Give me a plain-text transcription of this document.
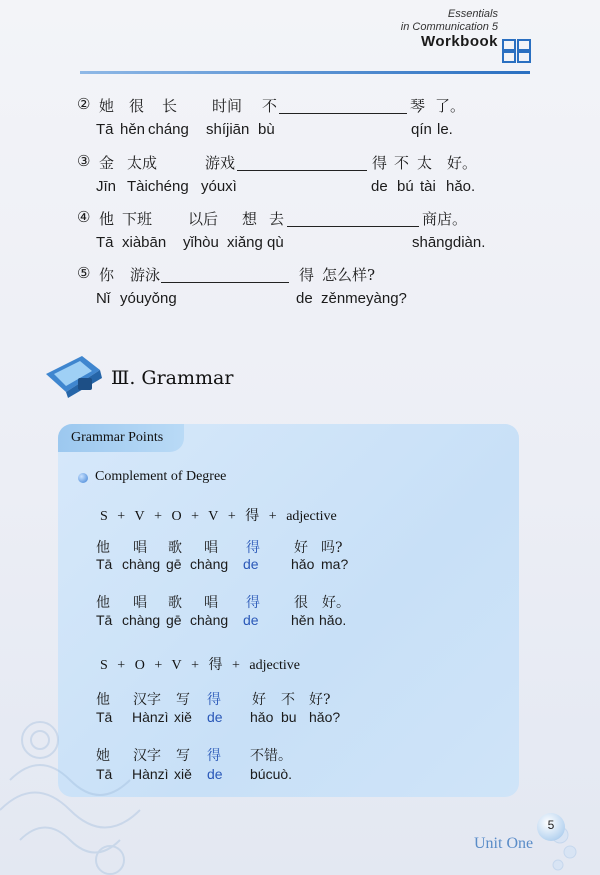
Essentials
in Communication 5
Workbook
② 她 很 长 时间 不	琴 了。
Tā hěn cháng shíjiān bù	qín le.
③ 金 太成	游戏	得 不 太 好。
Jīn Tàichéng yóuxì	de bú tài hǎo.
④ 他 下班 以后 想 去	商店。
Tā xiàbān yǐhòu xiǎng qù	shāngdiàn.
⑤ 你 游泳	得 怎么样?
Nǐ yóuyǒng	de zěnmeyàng?
Ⅲ. Grammar
Grammar Points
Complement of Degree
S + V + O + V + 得 + adjective
他 唱 歌 唱 得 好 吗?
Tā chàng gē chàng de hǎo ma?
他 唱 歌 唱 得 很 好。
Tā chàng gē chàng de hěn hǎo.
S + O + V + 得 + adjective
他 汉字 写 得 好 不 好?
Tā Hànzì xiě de hǎo bu hǎo?
她 汉字 写 得 不错。
Tā Hànzì xiě de búcuò.
5
Unit One
